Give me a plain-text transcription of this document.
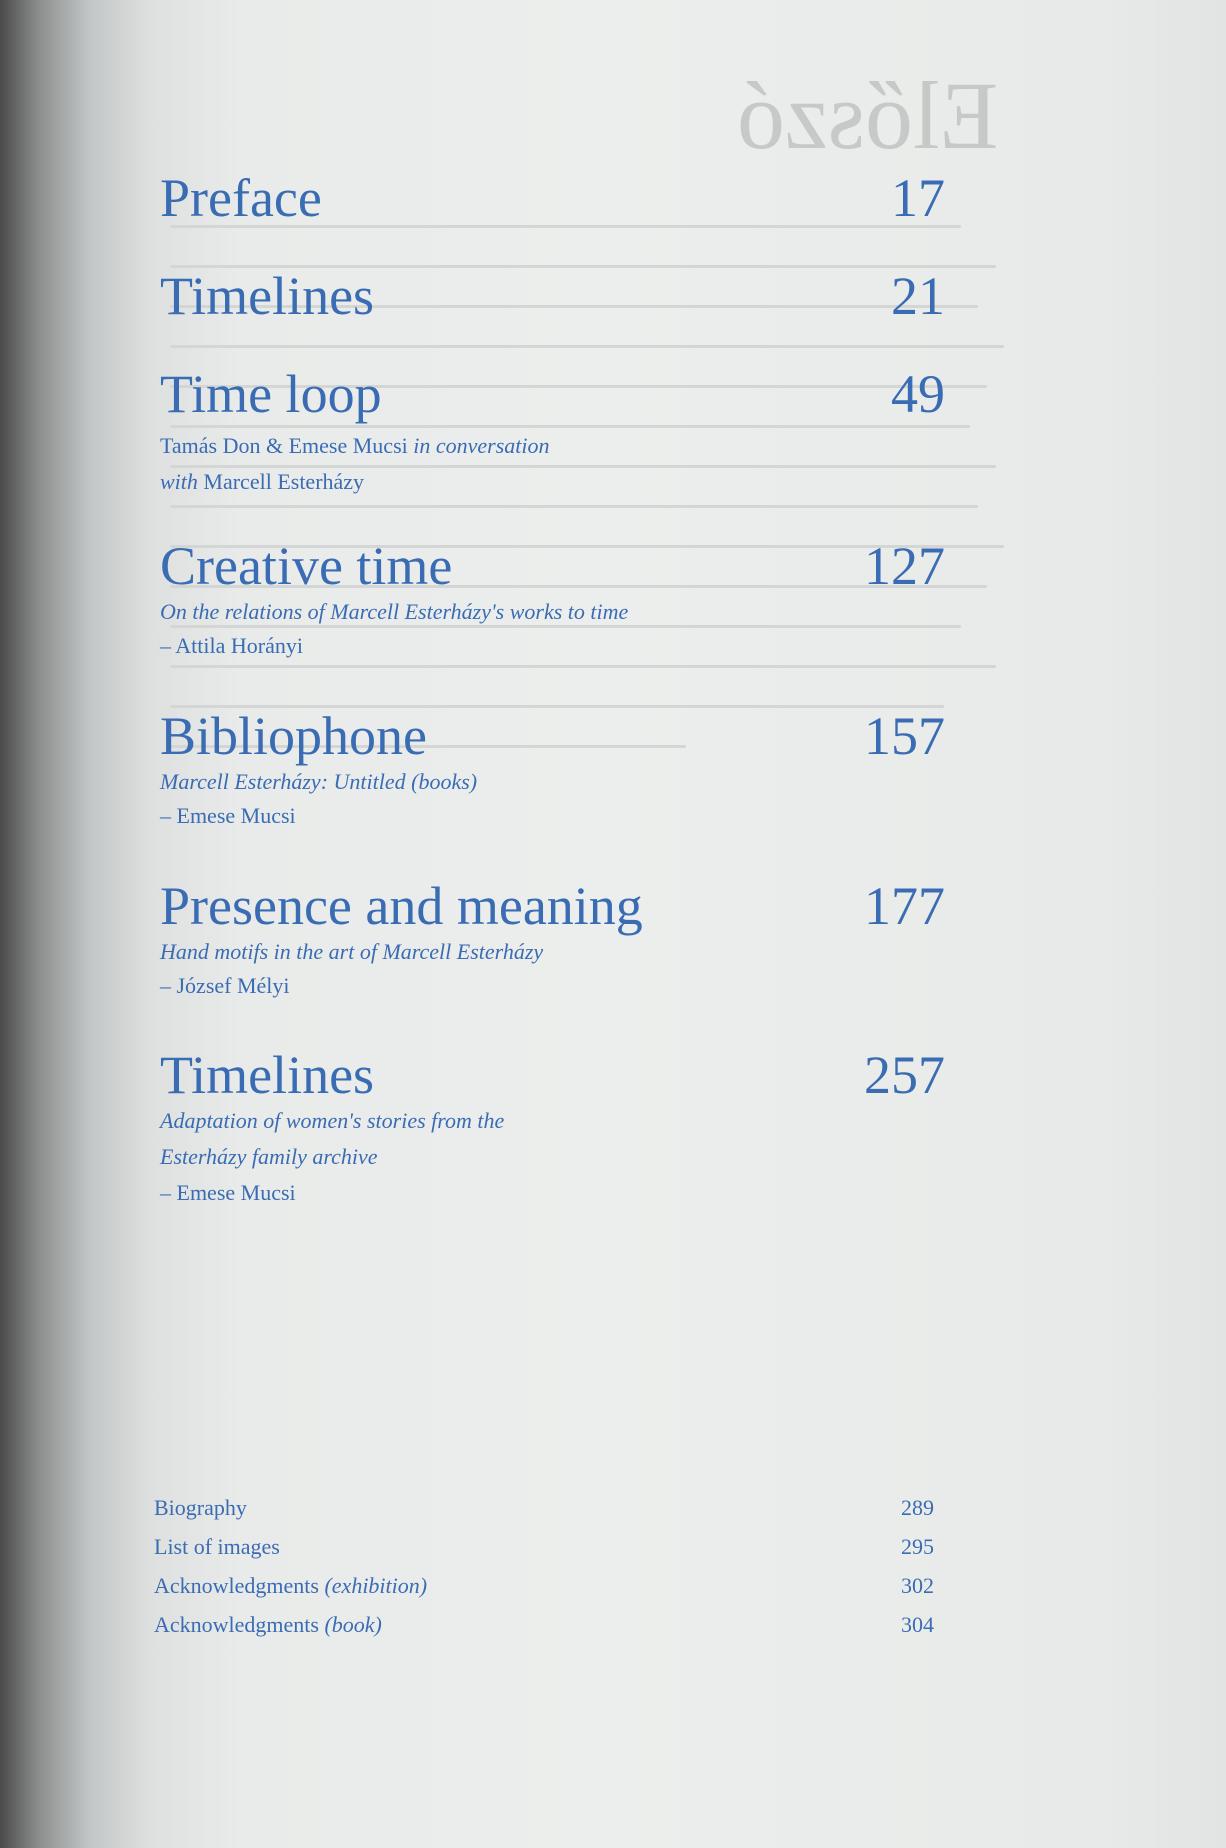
Előszó
Preface	17
Timelines	21
Time loop	49
Tamás Don & Emese Mucsi in conversation
with Marcell Esterházy
Creative time	127
On the relations of Marcell Esterházy's works to time
– Attila Horányi
Bibliophone	157
Marcell Esterházy: Untitled (books)
– Emese Mucsi
Presence and meaning	177
Hand motifs in the art of Marcell Esterházy
– József Mélyi
Timelines	257
Adaptation of women's stories from the
Esterházy family archive
– Emese Mucsi
Biography	289
List of images	295
Acknowledgments (exhibition)	302
Acknowledgments (book)	304
